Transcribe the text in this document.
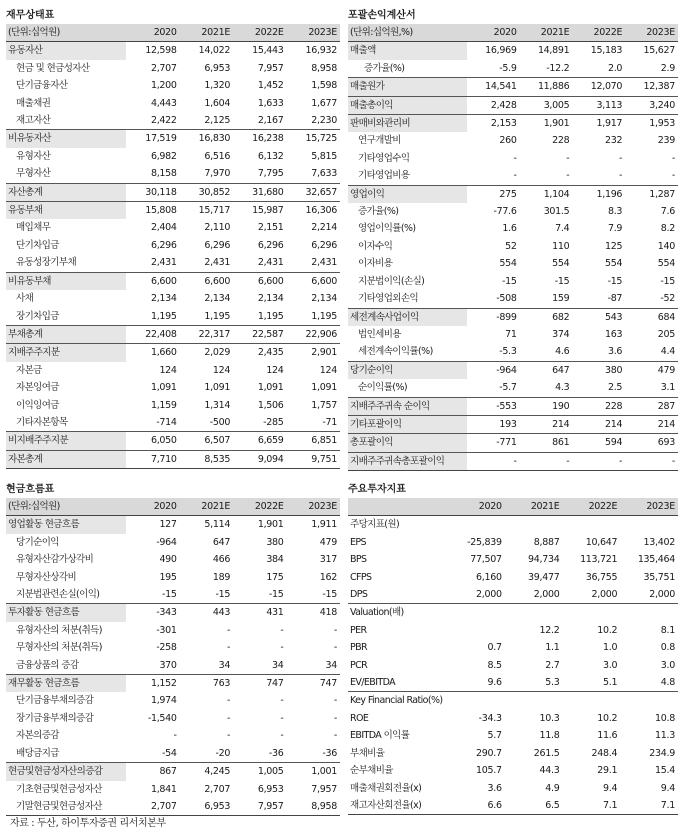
재무상태표
(단위:십억원)	2020	2021E	2022E	2023E
유동자산	12,598	14,022	15,443	16,932
현금 및 현금성자산	2,707	6,953	7,957	8,958
단기금융자산	1,200	1,320	1,452	1,598
매출채권	4,443	1,604	1,633	1,677
재고자산	2,422	2,125	2,167	2,230
비유동자산	17,519	16,830	16,238	15,725
유형자산	6,982	6,516	6,132	5,815
무형자산	8,158	7,970	7,795	7,633
자산총계	30,118	30,852	31,680	32,657
유동부채	15,808	15,717	15,987	16,306
매입채무	2,404	2,110	2,151	2,214
단기차입금	6,296	6,296	6,296	6,296
유동성장기부채	2,431	2,431	2,431	2,431
비유동부채	6,600	6,600	6,600	6,600
사채	2,134	2,134	2,134	2,134
장기차입금	1,195	1,195	1,195	1,195
부채총계	22,408	22,317	22,587	22,906
지배주주지분	1,660	2,029	2,435	2,901
자본금	124	124	124	124
자본잉여금	1,091	1,091	1,091	1,091
이익잉여금	1,159	1,314	1,506	1,757
기타자본항목	-714	-500	-285	-71
비지배주주지분	6,050	6,507	6,659	6,851
자본총계	7,710	8,535	9,094	9,751
포괄손익계산서
(단위:십억원,%)	2020	2021E	2022E	2023E
매출액	16,969	14,891	15,183	15,627
증가율(%)	-5.9	-12.2	2.0	2.9
매출원가	14,541	11,886	12,070	12,387
매출총이익	2,428	3,005	3,113	3,240
판매비와관리비	2,153	1,901	1,917	1,953
연구개발비	260	228	232	239
기타영업수익	-	-	-	-
기타영업비용	-	-	-	-
영업이익	275	1,104	1,196	1,287
증가율(%)	-77.6	301.5	8.3	7.6
영업이익률(%)	1.6	7.4	7.9	8.2
이자수익	52	110	125	140
이자비용	554	554	554	554
지분법이익(손실)	-15	-15	-15	-15
기타영업외손익	-508	159	-87	-52
세전계속사업이익	-899	682	543	684
법인세비용	71	374	163	205
세전계속이익률(%)	-5.3	4.6	3.6	4.4
당기순이익	-964	647	380	479
순이익률(%)	-5.7	4.3	2.5	3.1
지배주주귀속 순이익	-553	190	228	287
기타포괄이익	193	214	214	214
총포괄이익	-771	861	594	693
지배주주귀속총포괄이익	-	-	-	-
현금흐름표
(단위:십억원)	2020	2021E	2022E	2023E
영업활동 현금흐름	127	5,114	1,901	1,911
당기순이익	-964	647	380	479
유형자산감가상각비	490	466	384	317
무형자산상각비	195	189	175	162
지분법관련손실(이익)	-15	-15	-15	-15
투자활동 현금흐름	-343	443	431	418
유형자산의 처분(취득)	-301	-	-	-
무형자산의 처분(취득)	-258	-	-	-
금융상품의 증감	370	34	34	34
재무활동 현금흐름	1,152	763	747	747
단기금융부채의증감	1,974	-	-	-
장기금융부채의증감	-1,540	-	-	-
자본의증감	-	-	-	-
배당금지급	-54	-20	-36	-36
현금및현금성자산의증감	867	4,245	1,005	1,001
기초현금및현금성자산	1,841	2,707	6,953	7,957
기말현금및현금성자산	2,707	6,953	7,957	8,958
주요투자지표
	2020	2021E	2022E	2023E
주당지표(원)				
EPS	-25,839	8,887	10,647	13,402
BPS	77,507	94,734	113,721	135,464
CFPS	6,160	39,477	36,755	35,751
DPS	2,000	2,000	2,000	2,000
Valuation(배)				
PER		12.2	10.2	8.1
PBR	0.7	1.1	1.0	0.8
PCR	8.5	2.7	3.0	3.0
EV/EBITDA	9.6	5.3	5.1	4.8
Key Financial Ratio(%)				
ROE	-34.3	10.3	10.2	10.8
EBITDA 이익률	5.7	11.8	11.6	11.3
부채비율	290.7	261.5	248.4	234.9
순부채비율	105.7	44.3	29.1	15.4
매출채권회전율(x)	3.6	4.9	9.4	9.4
재고자산회전율(x)	6.6	6.5	7.1	7.1
자료 : 두산, 하이투자증권 리서치본부
